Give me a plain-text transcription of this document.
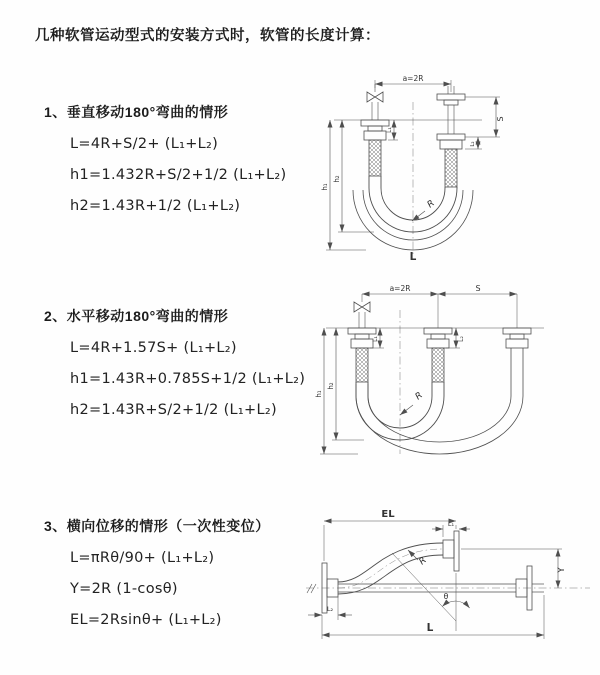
几种软管运动型式的安装方式时，软管的长度计算：
1、垂直移动180°弯曲的情形
L=4R+S/2+ (L₁+L₂)
h1=1.432R+S/2+1/2 (L₁+L₂)
h2=1.43R+1/2 (L₁+L₂)
2、水平移动180°弯曲的情形
L=4R+1.57S+ (L₁+L₂)
h1=1.43R+0.785S+1/2 (L₁+L₂)
h2=1.43R+S/2+1/2 (L₁+L₂)
3、横向位移的情形（一次性变位）
L=πRθ/90+ (L₁+L₂)
Y=2R (1-cosθ)
EL=2Rsinθ+ (L₁+L₂)
a=2R
h₁
h₂
L₁
S
L₂
R
L
a=2R	S
h₁
h₂
L₁	L₂
R
EL
L₁
Y
θ
R
L
L₂
